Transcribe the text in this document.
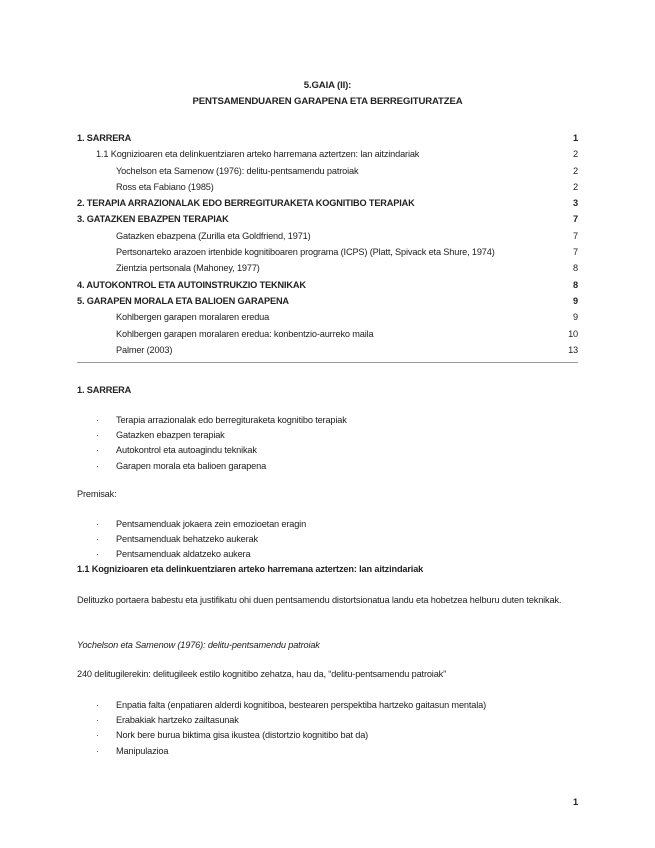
5.GAIA (II):
PENTSAMENDUAREN GARAPENA ETA BERREGITURATZEA
1. SARRERA	1
1.1 Kognizioaren eta delinkuentziaren arteko harremana aztertzen: lan aitzindariak	2
Yochelson eta Samenow (1976): delitu-pentsamendu patroiak	2
Ross eta Fabiano (1985)	2
2. TERAPIA ARRAZIONALAK EDO BERREGITURAKETA KOGNITIBO TERAPIAK	3
3. GATAZKEN EBAZPEN TERAPIAK	7
Gatazken ebazpena (Zurilla eta Goldfriend, 1971)	7
Pertsonarteko arazoen irtenbide kognitiboaren programa (ICPS) (Platt, Spivack eta Shure, 1974)	7
Zientzia pertsonala (Mahoney, 1977)	8
4. AUTOKONTROL ETA AUTOINSTRUKZIO TEKNIKAK	8
5. GARAPEN MORALA ETA BALIOEN GARAPENA	9
Kohlbergen garapen moralaren eredua	9
Kohlbergen garapen moralaren eredua: konbentzio-aurreko maila	10
Palmer (2003)	13
1. SARRERA
· Terapia arrazionalak edo berregituraketa kognitibo terapiak
· Gatazken ebazpen terapiak
· Autokontrol eta autoagindu teknikak
· Garapen morala eta balioen garapena
Premisak:
· Pentsamenduak jokaera zein emozioetan eragin
· Pentsamenduak behatzeko aukerak
· Pentsamenduak aldatzeko aukera
1.1 Kognizioaren eta delinkuentziaren arteko harremana aztertzen: lan aitzindariak
Delituzko portaera babestu eta justifikatu ohi duen pentsamendu distortsionatua landu eta hobetzea helburu duten teknikak.
Yochelson eta Samenow (1976): delitu-pentsamendu patroiak
240 delitugilerekin: delitugileek estilo kognitibo zehatza, hau da, “delitu-pentsamendu patroiak”
· Enpatia falta (enpatiaren alderdi kognitiboa, bestearen perspektiba hartzeko gaitasun mentala)
· Erabakiak hartzeko zailtasunak
· Nork bere burua biktima gisa ikustea (distortzio kognitibo bat da)
· Manipulazioa
1
